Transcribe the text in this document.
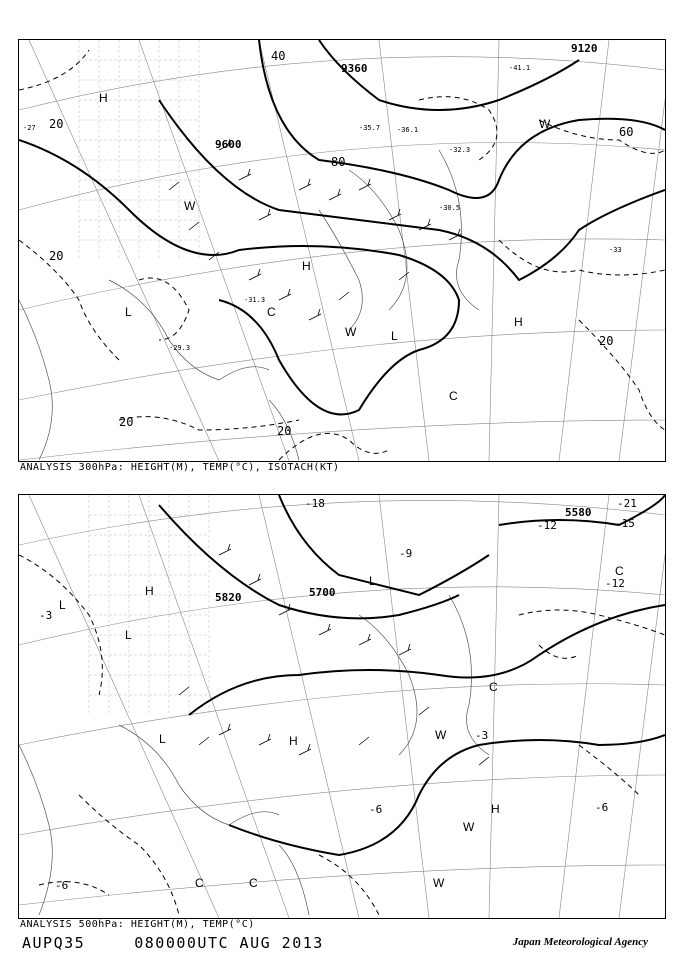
9600
9360
9120
20
20
20
20
20
40
60
80
-27
-29.3
-30.5
-31.3
-32.3
-33
-35.7 -36.1
-41.1
H
H
H
L
L
W
W
W
C
C
ANALYSIS 300hPa: HEIGHT(M), TEMP(°C), ISOTACH(KT)
5820	5700
5580
-3
-3
-6	-6
-6
-9
-12
-12
-15
-18	-21
H
H
H
L
L
L
L
W
W
W
C
C
C	C
ANALYSIS 500hPa: HEIGHT(M), TEMP(°C)
AUPQ35	080000UTC AUG 2013	Japan Meteorological Agency
